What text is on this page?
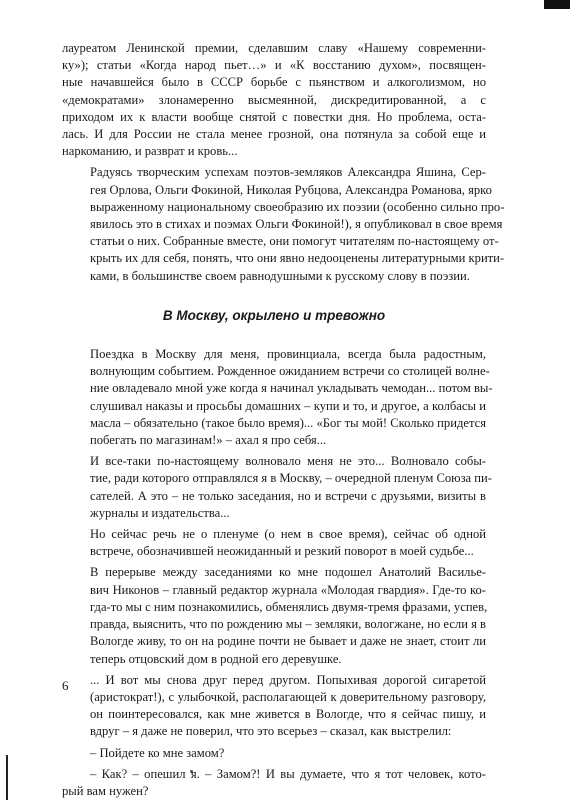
лауреатом Ленинской премии, сделавшим славу «Нашему современни-
ку»); статьи «Когда народ пьет…» и «К восстанию духом», посвящен-
ные начавшейся было в СССР борьбе с пьянством и алкоголизмом, но
«демократами» злонамеренно высмеянной, дискредитированной, а с
приходом их к власти вообще снятой с повестки дня. Но проблема, оста-
лась. И для России не стала менее грозной, она потянула за собой еще и
наркоманию, и разврат и кровь...
Радуясь творческим успехам поэтов-земляков Александра Яшина, Сер-
гея Орлова, Ольги Фокиной, Николая Рубцова, Александра Романова, ярко
выраженному национальному своеобразию их поэзии (особенно сильно про-
явилось это в стихах и поэмах Ольги Фокиной!), я опубликовал в свое время
статьи о них. Собранные вместе, они помогут читателям по-настоящему от-
крыть их для себя, понять, что они явно недооценены литературными крити-
ками, в большинстве своем равнодушными к русскому слову в поэзии.
В Москву, окрылено и тревожно
Поездка в Москву для меня, провинциала, всегда была радостным,
волнующим событием. Рожденное ожиданием встречи со столицей волне-
ние овладевало мной уже когда я начинал укладывать чемодан... потом вы-
слушивал наказы и просьбы домашних – купи и то, и другое, а колбасы и
масла – обязательно (такое было время)... «Бог ты мой! Сколько придется
побегать по магазинам!» – ахал я про себя...
И все-таки по-настоящему волновало меня не это... Волновало собы-
тие, ради которого отправлялся я в Москву, – очередной пленум Союза пи-
сателей. А это – не только заседания, но и встречи с друзьями, визиты в
журналы и издательства...
Но сейчас речь не о пленуме (о нем в свое время), сейчас об одной
встрече, обозначившей неожиданный и резкий поворот в моей судьбе...
В перерыве между заседаниями ко мне подошел Анатолий Василье-
вич Никонов – главный редактор журнала «Молодая гвардия». Где-то ко-
гда-то мы с ним познакомились, обменялись двумя-тремя фразами, успев,
правда, выяснить, что по рождению мы – земляки, вологжане, но если я в
Вологде живу, то он на родине почти не бывает и даже не знает, стоит ли
теперь отцовский дом в родной его деревушке.
... И вот мы снова друг перед другом. Попыхивая дорогой сигаретой
(аристократ!), с улыбочкой, располагающей к доверительному разговору,
он поинтересовался, как мне живется в Вологде, что я сейчас пишу, и
вдруг – я даже не поверил, что это всерьез – сказал, как выстрелил:
– Пойдете ко мне замом?
– Как? – опешил я. – Замом?! И вы думаете, что я тот человек, кото-
рый вам нужен?
6
